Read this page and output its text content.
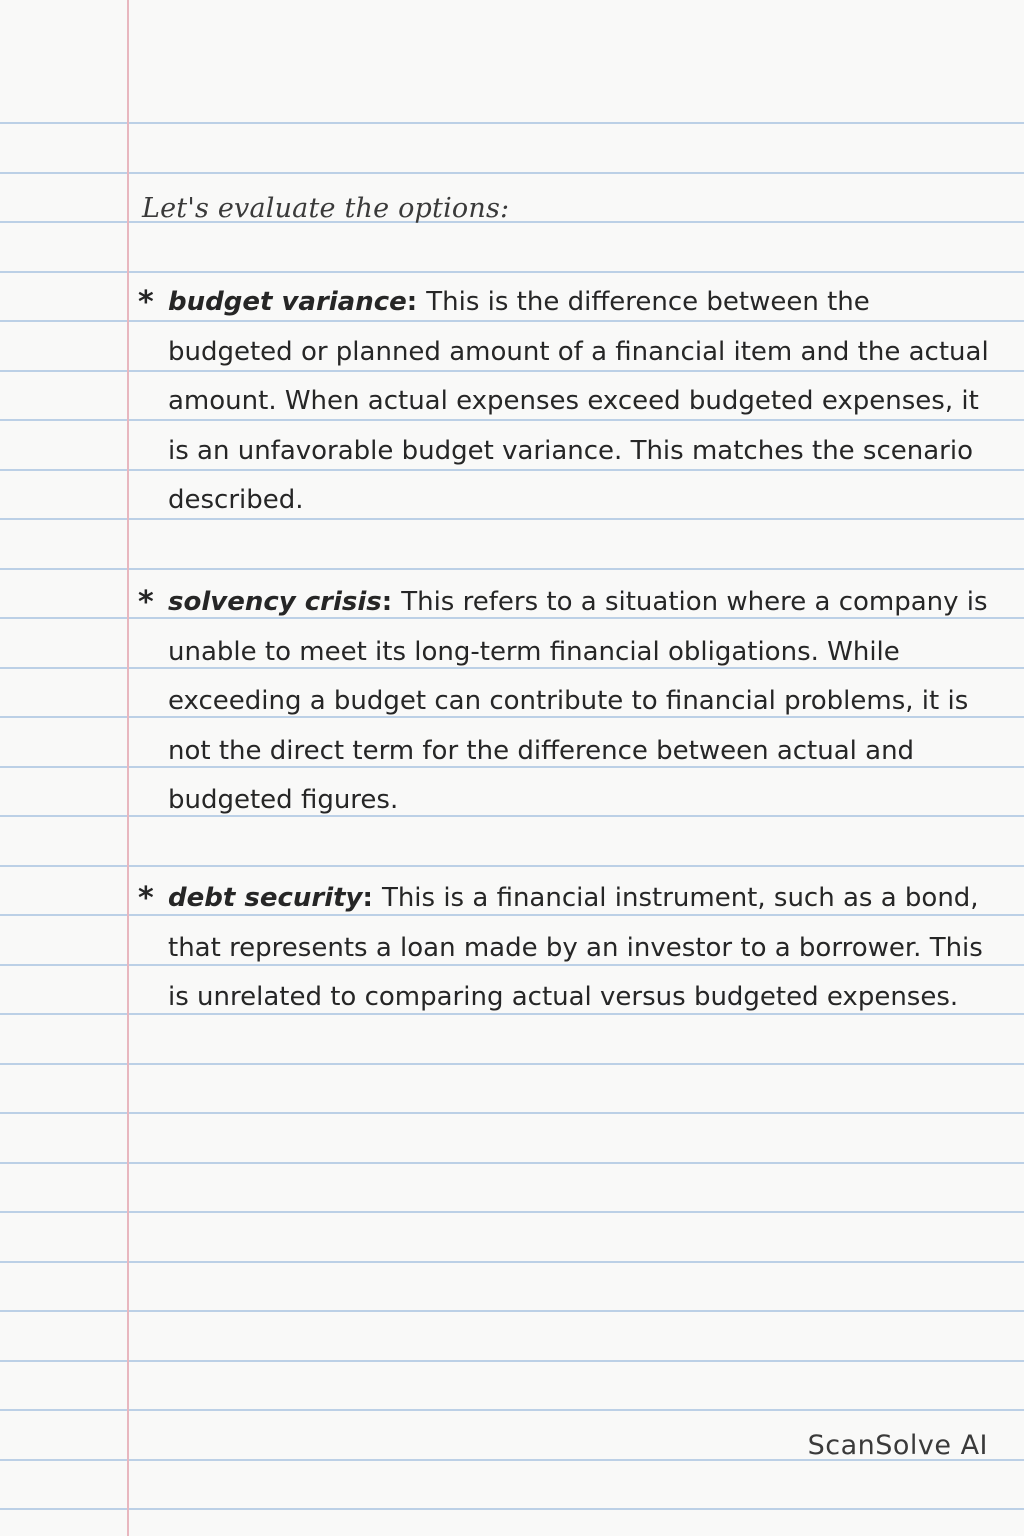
Let's evaluate the options:
* budget variance: This is the difference between the budgeted or planned amount of a financial item and the actual amount. When actual expenses exceed budgeted expenses, it is an unfavorable budget variance. This matches the scenario described.
* solvency crisis: This refers to a situation where a company is unable to meet its long-term financial obligations. While exceeding a budget can contribute to financial problems, it is not the direct term for the difference between actual and budgeted figures.
* debt security: This is a financial instrument, such as a bond, that represents a loan made by an investor to a borrower. This is unrelated to comparing actual versus budgeted expenses.
ScanSolve AI
